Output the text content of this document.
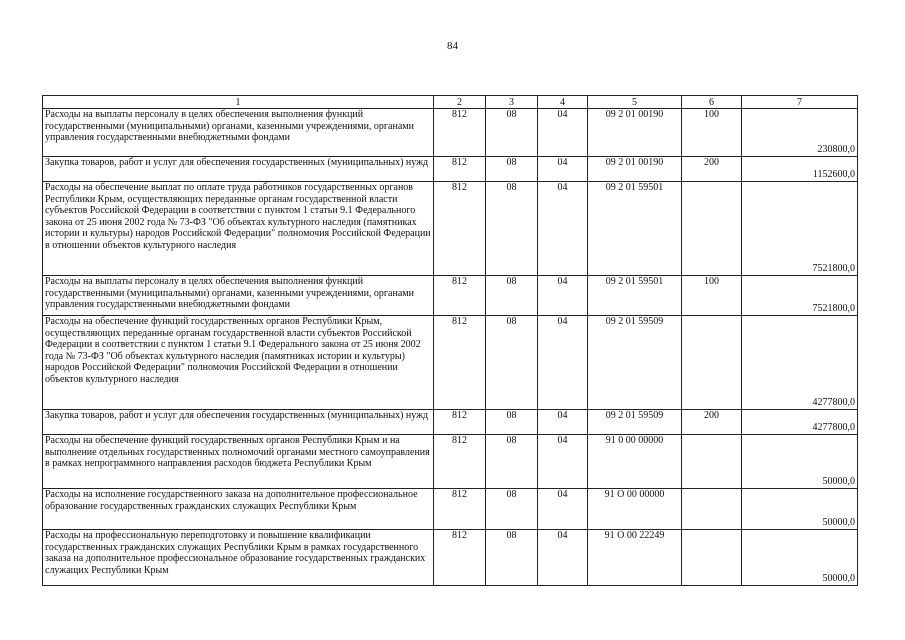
84
1	2	3	4	5	6	7
Расходы на выплаты персоналу в целях обеспечения выполнения функций государственными (муниципальными) органами, казенными учреждениями, органами управления государственными внебюджетными фондами	812	08	04	09 2 01 00190	100	230800,0
Закупка товаров, работ и услуг для обеспечения государственных (муниципальных) нужд	812	08	04	09 2 01 00190	200	1152600,0
Расходы на обеспечение выплат по оплате труда работников государственных органов Республики Крым, осуществляющих переданные органам государственной власти субъектов Российской Федерации в соответствии с пунктом 1 статьи 9.1 Федерального закона от 25 июня 2002 года № 73-ФЗ "Об объектах культурного наследия (памятниках истории и культуры) народов Российской Федерации" полномочия Российской Федерации в отношении объектов культурного наследия	812	08	04	09 2 01 59501		7521800,0
Расходы на выплаты персоналу в целях обеспечения выполнения функций государственными (муниципальными) органами, казенными учреждениями, органами управления государственными внебюджетными фондами	812	08	04	09 2 01 59501	100	7521800,0
Расходы на обеспечение функций государственных органов Республики Крым, осуществляющих переданные органам государственной власти субъектов Российской Федерации в соответствии с пунктом 1 статьи 9.1 Федерального закона от 25 июня 2002 года № 73-ФЗ "Об объектах культурного наследия (памятниках истории и культуры) народов Российской Федерации" полномочия Российской Федерации в отношении объектов культурного наследия	812	08	04	09 2 01 59509		4277800,0
Закупка товаров, работ и услуг для обеспечения государственных (муниципальных) нужд	812	08	04	09 2 01 59509	200	4277800,0
Расходы на обеспечение функций государственных органов Республики Крым и на выполнение отдельных государственных полномочий органами местного самоуправления в рамках непрограммного направления расходов бюджета Республики Крым	812	08	04	91 0 00 00000		50000,0
Расходы на исполнение государственного заказа на дополнительное профессиональное образование государственных гражданских служащих Республики Крым	812	08	04	91 О 00 00000		50000,0
Расходы на профессиональную переподготовку и повышение квалификации государственных гражданских служащих Республики Крым в рамках государственного заказа на дополнительное профессиональное образование государственных гражданских служащих Республики Крым	812	08	04	91 О 00 22249		50000,0
